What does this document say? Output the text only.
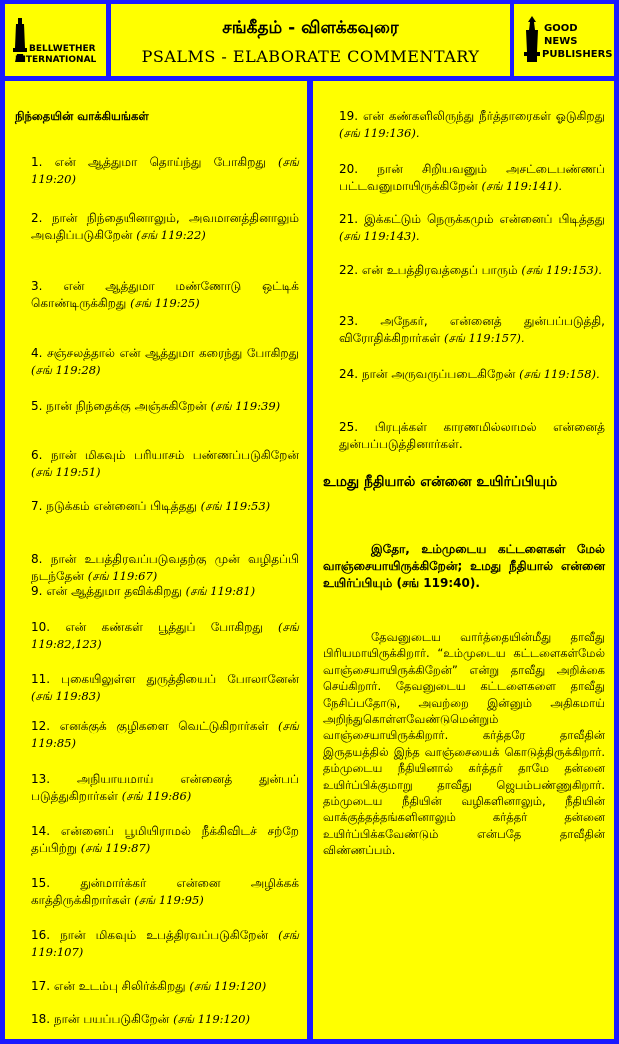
BELLWETHER
INTERNATIONAL
சங்கீதம் - விளக்கவுரை
PSALMS - ELABORATE COMMENTARY
GOOD NEWS
PUBLISHERS
நிந்தையின் வாக்கியங்கள்
1. என் ஆத்துமா தொய்ந்து போகிறது (சங் 119:20)
2. நான் நிந்தையினாலும், அவமானத்தினாலும் அவதிப்படுகிறேன் (சங் 119:22)
3. என் ஆத்துமா மண்ணோடு ஒட்டிக் கொண்டிருக்கிறது (சங் 119:25)
4. சஞ்சலத்தால் என் ஆத்துமா கரைந்து போகிறது (சங் 119:28)
5. நான் நிந்தைக்கு அஞ்சுகிறேன் (சங் 119:39)
6. நான் மிகவும் பரியாசம் பண்ணப்படுகிறேன் (சங் 119:51)
7. நடுக்கம் என்னைப் பிடித்தது (சங் 119:53)
8. நான் உபத்திரவப்படுவதற்கு முன் வழிதப்பி நடந்தேன் (சங் 119:67)
9. என் ஆத்துமா தவிக்கிறது (சங் 119:81)
10. என் கண்கள் பூத்துப் போகிறது (சங் 119:82,123)
11. புகையிலுள்ள துருத்தியைப் போலானேன் (சங் 119:83)
12. எனக்குக் குழிகளை வெட்டுகிறார்கள் (சங் 119:85)
13. அநியாயமாய் என்னைத் துன்பப் படுத்துகிறார்கள் (சங் 119:86)
14. என்னைப் பூமியிராமல் நீக்கிவிடச் சற்றே தப்பிற்று (சங் 119:87)
15.	துன்மார்க்கர் என்னை அழிக்கக் காத்திருக்கிறார்கள் (சங் 119:95)
16. நான் மிகவும் உபத்திரவப்படுகிறேன் (சங் 119:107)
17. என் உடம்பு சிலிர்க்கிறது (சங் 119:120)
18. நான் பயப்படுகிறேன் (சங் 119:120)
உமது நீதியால் என்னை உயிர்ப்பியும்
இதோ, உம்முடைய கட்டளைகள் மேல் வாஞ்சையாயிருக்கிறேன்; உமது நீதியால் என்னை உயிர்ப்பியும் (சங் 119:40).
தேவனுடைய வார்த்தையின்மீது தாவீது பிரியமாயிருக்கிறார். “உம்முடைய கட்டளைகள்மேல் வாஞ்சையாயிருக்கிறேன்” என்று தாவீது அறிக்கை செய்கிறார். தேவனுடைய கட்டளைகளை தாவீது நேசிப்பதோடு, அவற்றை இன்னும் அதிகமாய் அறிந்துகொள்ளவேண்டுமென்றும் வாஞ்சையாயிருக்கிறார். கர்த்தரே தாவீதின் இருதயத்தில் இந்த வாஞ்சையைக் கொடுத்திருக்கிறார். தம்முடைய நீதியினால் கர்த்தர் தாமே தன்னை உயிர்ப்பிக்குமாறு தாவீது ஜெபம்பண்ணுகிறார். தம்முடைய நீதியின் வழிகளினாலும், நீதியின் வாக்குத்தத்தங்களினாலும் கர்த்தர் தன்னை உயிர்ப்பிக்கவேண்டும் என்பதே தாவீதின் விண்ணப்பம்.
19. என் கண்களிலிருந்து நீர்த்தாரைகள் ஓடுகிறது (சங் 119:136).
20. நான் சிறியவனும் அசட்டைபண்ணப் பட்டவனுமாயிருக்கிறேன் (சங் 119:141).
21. இக்கட்டும் நெருக்கமும் என்னைப் பிடித்தது (சங் 119:143).
22. என் உபத்திரவத்தைப் பாரும் (சங் 119:153).
23. அநேகர், என்னைத் துன்பப்படுத்தி, விரோதிக்கிறார்கள் (சங் 119:157).
24. நான் அருவருப்படைகிறேன் (சங் 119:158).
25. பிரபுக்கள் காரணமில்லாமல் என்னைத் துன்பப்படுத்தினார்கள்.
